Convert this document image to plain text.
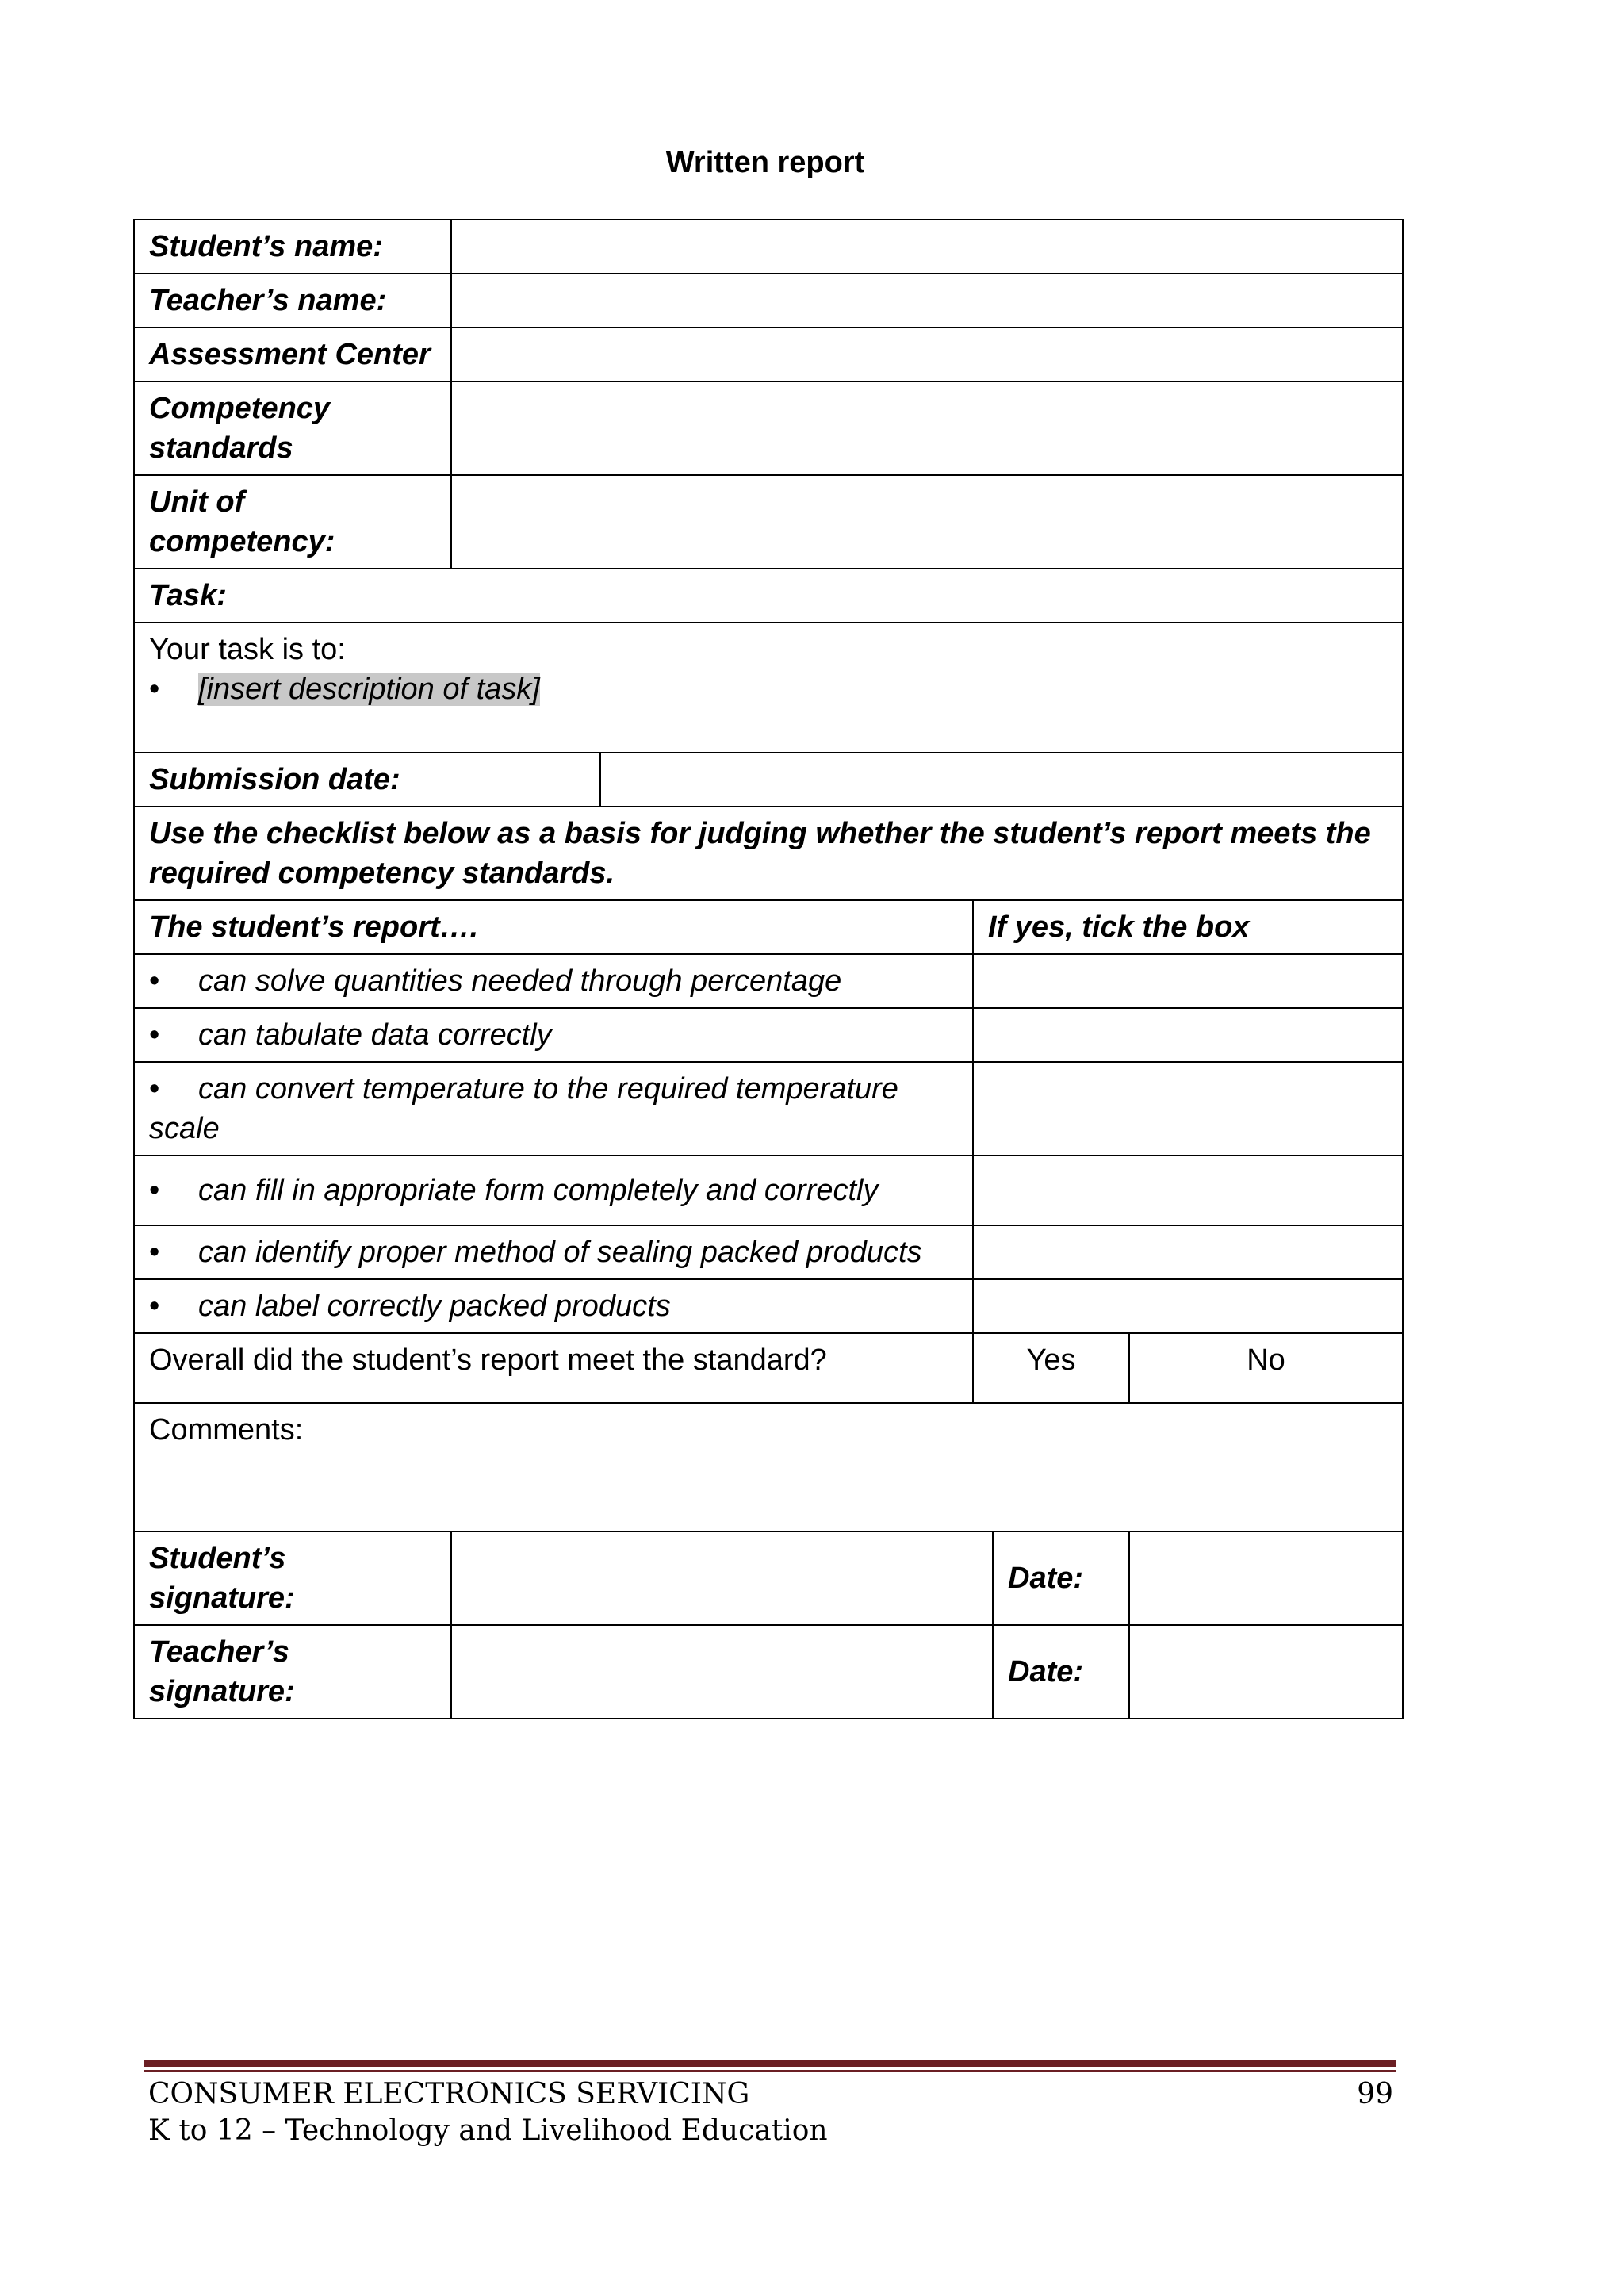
Written report
Student’s name:					
Teacher’s name:					
Assessment Center					
Competency
standards					
Unit of competency:					
Task:					

Your task is to:
• [insert description of task]					

Submission date:					
Use the checklist below as a basis for judging whether the student’s report meets the required competency standards.					
The student’s report….			If yes, tick the box		
• can solve quantities needed through percentage					
• can tabulate data correctly					
• can convert temperature to the required temperature scale					
• can fill in appropriate form completely and correctly					
• can identify proper method of sealing packed products					
• can label correctly packed products					
Overall did the student’s report meet the standard?			Yes		No
Comments:					
Student’s
signature:				Date:	
Teacher’s
signature:				Date:	
CONSUMER ELECTRONICS SERVICING
K to 12 – Technology and Livelihood Education
99
